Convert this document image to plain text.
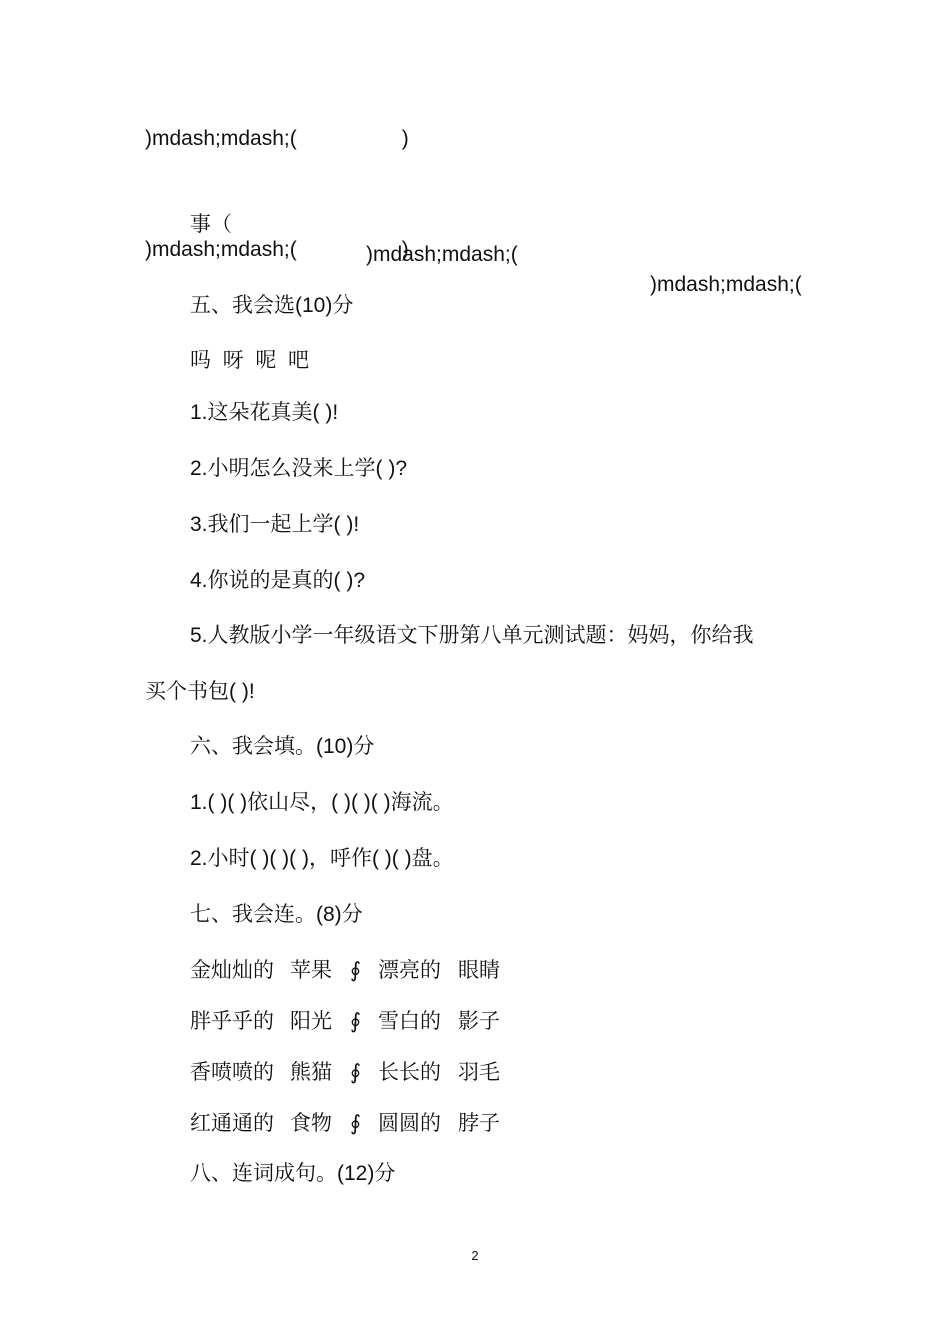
)mdash;mdash;(　　　　　)

事（

)mdash;mdash;(

)mdash;mdash;(

)mdash;mdash;(　　　　　)
五、我会选(10)分
吗  呀  呢  吧
1.这朵花真美( )!
2.小明怎么没来上学( )?
3.我们一起上学( )!
4.你说的是真的( )?
5.人教版小学一年级语文下册第八单元测试题：妈妈，你给我
买个书包( )!
六、我会填。(10)分
1.( )( )依山尽，( )( )( )海流。
2.小时( )( )( )，呼作( )( )盘。
七、我会连。(8)分

金灿灿的

苹果

∮

漂亮的

眼睛

胖乎乎的

阳光

∮

雪白的

影子

香喷喷的

熊猫

∮

长长的

羽毛

红通通的

食物

∮

圆圆的

脖子

八、连词成句。(12)分
2
